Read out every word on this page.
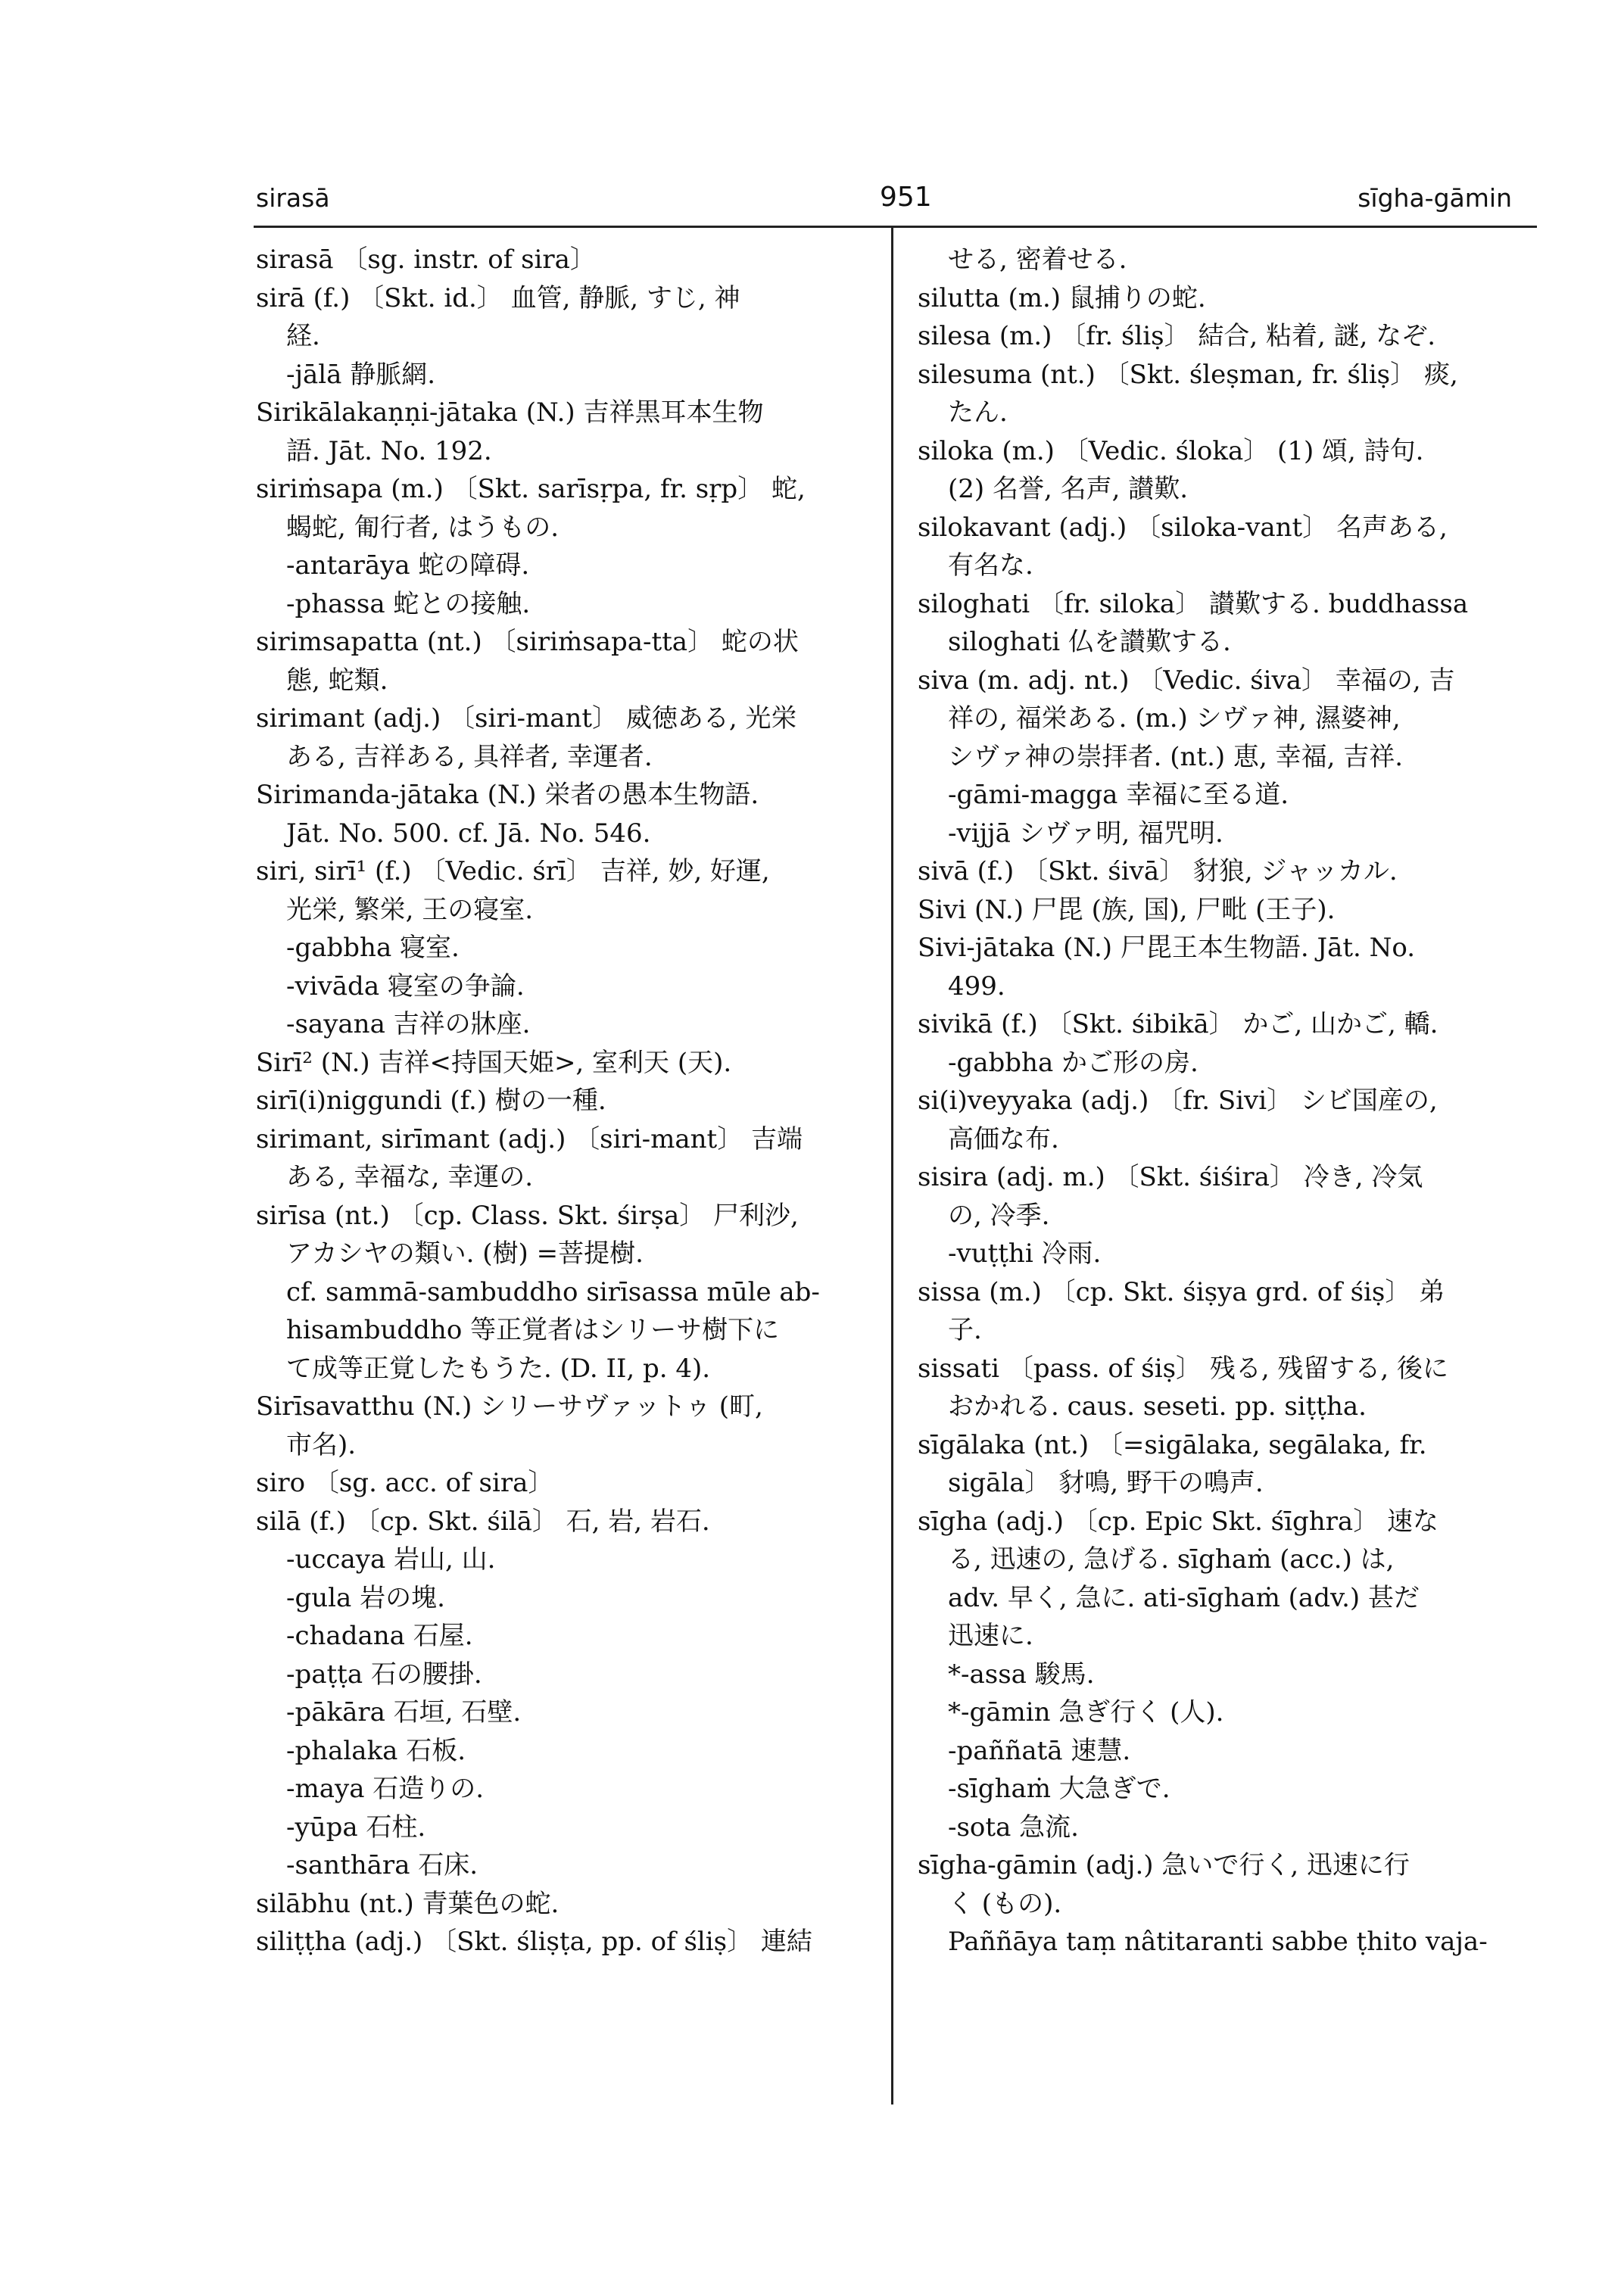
sirasā	951	sīgha-gāmin
sirasā 〔sg. instr. of sira〕
sirā (f.) 〔Skt. id.〕 血管, 静脈, すじ, 神
経.
-jālā 静脈網.
Sirikālakaṇṇi-jātaka (N.) 吉祥黒耳本生物
語. Jāt. No. 192.
siriṁsapa (m.) 〔Skt. sarīsṛpa, fr. sṛp〕 蛇,
蝎蛇, 匍行者, はうもの.
-antarāya 蛇の障碍.
-phassa 蛇との接触.
sirimsapatta (nt.) 〔siriṁsapa-tta〕 蛇の状
態, 蛇類.
sirimant (adj.) 〔siri-mant〕 威徳ある, 光栄
ある, 吉祥ある, 具祥者, 幸運者.
Sirimanda-jātaka (N.) 栄者の愚本生物語.
Jāt. No. 500. cf. Jā. No. 546.
siri, sirī¹ (f.) 〔Vedic. śrī〕 吉祥, 妙, 好運,
光栄, 繁栄, 王の寝室.
-gabbha 寝室.
-vivāda 寝室の争論.
-sayana 吉祥の牀座.
Sirī² (N.) 吉祥<持国天姫>, 室利天 (天).
sirī(i)niggundi (f.) 樹の一種.
sirimant, sirīmant (adj.) 〔siri-mant〕 吉端
ある, 幸福な, 幸運の.
sirīsa (nt.) 〔cp. Class. Skt. śirṣa〕 尸利沙,
アカシヤの類い. (樹) =菩提樹.
cf. sammā-sambuddho sirīsassa mūle ab-
hisambuddho 等正覚者はシリーサ樹下に
て成等正覚したもうた. (D. II, p. 4).
Sirīsavatthu (N.) シリーサヴァットゥ (町,
市名).
siro 〔sg. acc. of sira〕
silā (f.) 〔cp. Skt. śilā〕 石, 岩, 岩石.
-uccaya 岩山, 山.
-gula 岩の塊.
-chadana 石屋.
-paṭṭa 石の腰掛.
-pākāra 石垣, 石壁.
-phalaka 石板.
-maya 石造りの.
-yūpa 石柱.
-santhāra 石床.
silābhu (nt.) 青葉色の蛇.
siliṭṭha (adj.) 〔Skt. śliṣṭa, pp. of śliṣ〕 連結
せる, 密着せる.
silutta (m.) 鼠捕りの蛇.
silesa (m.) 〔fr. śliṣ〕 結合, 粘着, 謎, なぞ.
silesuma (nt.) 〔Skt. śleṣman, fr. śliṣ〕 痰,
たん.
siloka (m.) 〔Vedic. śloka〕 (1) 頌, 詩句.
(2) 名誉, 名声, 讃歎.
silokavant (adj.) 〔siloka-vant〕 名声ある,
有名な.
siloghati 〔fr. siloka〕 讃歎する. buddhassa
siloghati 仏を讃歎する.
siva (m. adj. nt.) 〔Vedic. śiva〕 幸福の, 吉
祥の, 福栄ある. (m.) シヴァ神, 濕婆神,
シヴァ神の崇拝者. (nt.) 恵, 幸福, 吉祥.
-gāmi-magga 幸福に至る道.
-vijjā シヴァ明, 福咒明.
sivā (f.) 〔Skt. śivā〕 豺狼, ジャッカル.
Sivi (N.) 尸毘 (族, 国), 尸毗 (王子).
Sivi-jātaka (N.) 尸毘王本生物語. Jāt. No.
499.
sivikā (f.) 〔Skt. śibikā〕 かご, 山かご, 轎.
-gabbha かご形の房.
si(i)veyyaka (adj.) 〔fr. Sivi〕 シビ国産の,
高価な布.
sisira (adj. m.) 〔Skt. śiśira〕 冷き, 冷気
の, 冷季.
-vuṭṭhi 冷雨.
sissa (m.) 〔cp. Skt. śiṣya grd. of śiṣ〕 弟
子.
sissati 〔pass. of śiṣ〕 残る, 残留する, 後に
おかれる. caus. seseti. pp. siṭṭha.
sīgālaka (nt.) 〔=sigālaka, segālaka, fr.
sigāla〕 豺鳴, 野干の鳴声.
sīgha (adj.) 〔cp. Epic Skt. śīghra〕 速な
る, 迅速の, 急げる. sīghaṁ (acc.) は,
adv. 早く, 急に. ati-sīghaṁ (adv.) 甚だ
迅速に.
*-assa 駿馬.
*-gāmin 急ぎ行く (人).
-paññatā 速慧.
-sīghaṁ 大急ぎで.
-sota 急流.
sīgha-gāmin (adj.) 急いで行く, 迅速に行
く (もの).
Paññāya taṃ nâtitaranti sabbe ṭhito vaja-
